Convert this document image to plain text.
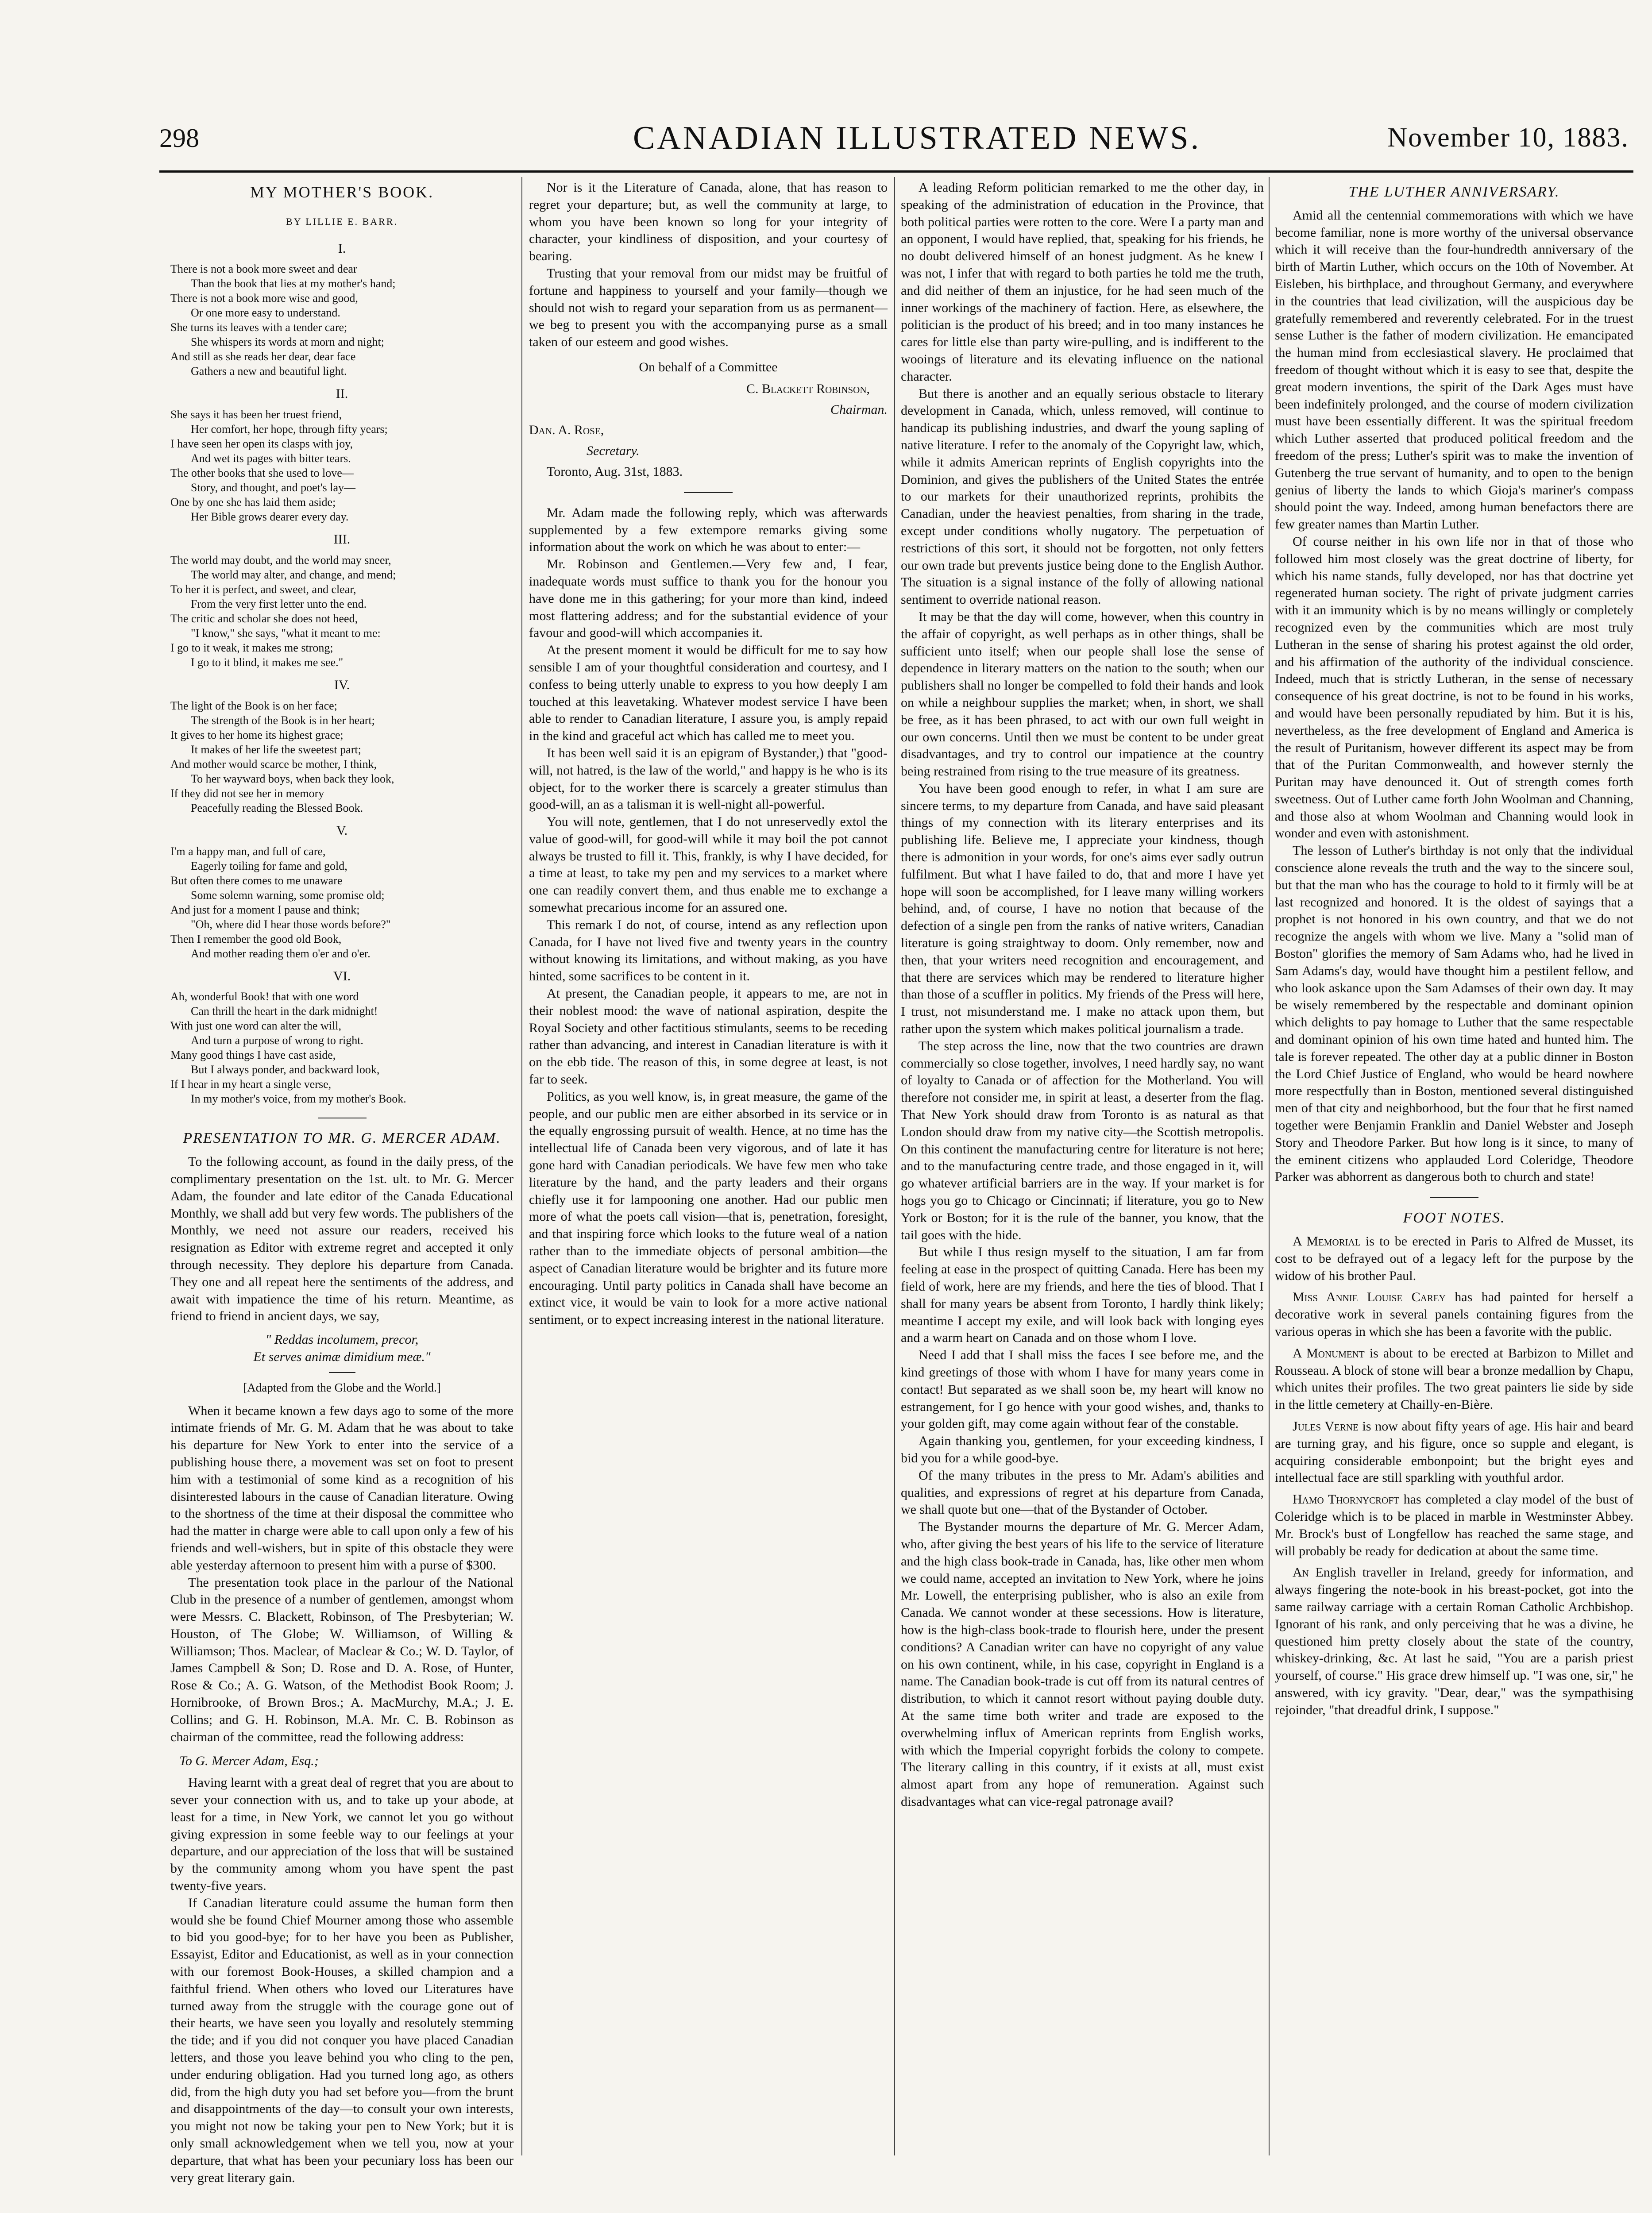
298	CANADIAN ILLUSTRATED NEWS.	November 10, 1883.
MY MOTHER'S BOOK.
BY LILLIE E. BARR.
I.

There is not a book more sweet and dear

Than the book that lies at my mother's hand;

There is not a book more wise and good,

Or one more easy to understand.

She turns its leaves with a tender care;

She whispers its words at morn and night;

And still as she reads her dear, dear face

Gathers a new and beautiful light.

II.

She says it has been her truest friend,

Her comfort, her hope, through fifty years;

I have seen her open its clasps with joy,

And wet its pages with bitter tears.

The other books that she used to love—

Story, and thought, and poet's lay—

One by one she has laid them aside;

Her Bible grows dearer every day.

III.

The world may doubt, and the world may sneer,

The world may alter, and change, and mend;

To her it is perfect, and sweet, and clear,

From the very first letter unto the end.

The critic and scholar she does not heed,

"I know," she says, "what it meant to me:

I go to it weak, it makes me strong;

I go to it blind, it makes me see."

IV.

The light of the Book is on her face;

The strength of the Book is in her heart;

It gives to her home its highest grace;

It makes of her life the sweetest part;

And mother would scarce be mother, I think,

To her wayward boys, when back they look,

If they did not see her in memory

Peacefully reading the Blessed Book.

V.

I'm a happy man, and full of care,

Eagerly toiling for fame and gold,

But often there comes to me unaware

Some solemn warning, some promise old;

And just for a moment I pause and think;

"Oh, where did I hear those words before?"

Then I remember the good old Book,

And mother reading them o'er and o'er.

VI.

Ah, wonderful Book! that with one word

Can thrill the heart in the dark midnight!

With just one word can alter the will,

And turn a purpose of wrong to right.

Many good things I have cast aside,

But I always ponder, and backward look,

If I hear in my heart a single verse,

In my mother's voice, from my mother's Book.

PRESENTATION TO MR. G. MERCER ADAM.

To the following account, as found in the daily press, of the complimentary presentation on the 1st. ult. to Mr. G. Mercer Adam, the founder and late editor of the Canada Educational Monthly, we shall add but very few words. The publishers of the Monthly, we need not assure our readers, received his resignation as Editor with extreme regret and accepted it only through necessity. They deplore his departure from Canada. They one and all repeat here the sentiments of the address, and await with impatience the time of his return. Meantime, as friend to friend in ancient days, we say,

" Reddas incolumem, precor,

Et serves animæ dimidium meæ."

[Adapted from the Globe and the World.]

When it became known a few days ago to some of the more intimate friends of Mr. G. M. Adam that he was about to take his departure for New York to enter into the service of a publishing house there, a movement was set on foot to present him with a testimonial of some kind as a recognition of his disinterested labours in the cause of Canadian literature. Owing to the shortness of the time at their disposal the committee who had the matter in charge were able to call upon only a few of his friends and well-wishers, but in spite of this obstacle they were able yesterday afternoon to present him with a purse of $300.

The presentation took place in the parlour of the National Club in the presence of a number of gentlemen, amongst whom were Messrs. C. Blackett, Robinson, of The Presbyterian; W. Houston, of The Globe; W. Williamson, of Willing & Williamson; Thos. Maclear, of Maclear & Co.; W. D. Taylor, of James Campbell & Son; D. Rose and D. A. Rose, of Hunter, Rose & Co.; A. G. Watson, of the Methodist Book Room; J. Hornibrooke, of Brown Bros.; A. MacMurchy, M.A.; J. E. Collins; and G. H. Robinson, M.A. Mr. C. B. Robinson as chairman of the committee, read the following address:

To G. Mercer Adam, Esq.;

Having learnt with a great deal of regret that you are about to sever your connection with us, and to take up your abode, at least for a time, in New York, we cannot let you go without giving expression in some feeble way to our feelings at your departure, and our appreciation of the loss that will be sustained by the community among whom you have spent the past twenty-five years.

If Canadian literature could assume the human form then would she be found Chief Mourner among those who assemble to bid you good-bye; for to her have you been as Publisher, Essayist, Editor and Educationist, as well as in your connection with our foremost Book-Houses, a skilled champion and a faithful friend. When others who loved our Literatures have turned away from the struggle with the courage gone out of their hearts, we have seen you loyally and resolutely stemming the tide; and if you did not conquer you have placed Canadian letters, and those you leave behind you who cling to the pen, under enduring obligation. Had you turned long ago, as others did, from the high duty you had set before you—from the brunt and disappointments of the day—to consult your own interests, you might not now be taking your pen to New York; but it is only small acknowledgement when we tell you, now at your departure, that what has been your pecuniary loss has been our very great literary gain.

Nor is it the Literature of Canada, alone, that has reason to regret your departure; but, as well the community at large, to whom you have been known so long for your integrity of character, your kindliness of disposition, and your courtesy of bearing.

Trusting that your removal from our midst may be fruitful of fortune and happiness to yourself and your family—though we should not wish to regard your separation from us as permanent—we beg to present you with the accompanying purse as a small taken of our esteem and good wishes.

On behalf of a Committee

C. Blackett Robinson,

Chairman.

Dan. A. Rose,

Secretary.

Toronto, Aug. 31st, 1883.

Mr. Adam made the following reply, which was afterwards supplemented by a few extempore remarks giving some information about the work on which he was about to enter:—

Mr. Robinson and Gentlemen.—Very few and, I fear, inadequate words must suffice to thank you for the honour you have done me in this gathering; for your more than kind, indeed most flattering address; and for the substantial evidence of your favour and good-will which accompanies it.

At the present moment it would be difficult for me to say how sensible I am of your thoughtful consideration and courtesy, and I confess to being utterly unable to express to you how deeply I am touched at this leavetaking. Whatever modest service I have been able to render to Canadian literature, I assure you, is amply repaid in the kind and graceful act which has called me to meet you.

It has been well said it is an epigram of Bystander,) that "good-will, not hatred, is the law of the world," and happy is he who is its object, for to the worker there is scarcely a greater stimulus than good-will, an as a talisman it is well-night all-powerful.

You will note, gentlemen, that I do not unreservedly extol the value of good-will, for good-will while it may boil the pot cannot always be trusted to fill it. This, frankly, is why I have decided, for a time at least, to take my pen and my services to a market where one can readily convert them, and thus enable me to exchange a somewhat precarious income for an assured one.

This remark I do not, of course, intend as any reflection upon Canada, for I have not lived five and twenty years in the country without knowing its limitations, and without making, as you have hinted, some sacrifices to be content in it.

At present, the Canadian people, it appears to me, are not in their noblest mood: the wave of national aspiration, despite the Royal Society and other factitious stimulants, seems to be receding rather than advancing, and interest in Canadian literature is with it on the ebb tide. The reason of this, in some degree at least, is not far to seek.

Politics, as you well know, is, in great measure, the game of the people, and our public men are either absorbed in its service or in the equally engrossing pursuit of wealth. Hence, at no time has the intellectual life of Canada been very vigorous, and of late it has gone hard with Canadian periodicals. We have few men who take literature by the hand, and the party leaders and their organs chiefly use it for lampooning one another. Had our public men more of what the poets call vision—that is, penetration, foresight, and that inspiring force which looks to the future weal of a nation rather than to the immediate objects of personal ambition—the aspect of Canadian literature would be brighter and its future more encouraging. Until party politics in Canada shall have become an extinct vice, it would be vain to look for a more active national sentiment, or to expect increasing interest in the national literature.

A leading Reform politician remarked to me the other day, in speaking of the administration of education in the Province, that both political parties were rotten to the core. Were I a party man and an opponent, I would have replied, that, speaking for his friends, he no doubt delivered himself of an honest judgment. As he knew I was not, I infer that with regard to both parties he told me the truth, and did neither of them an injustice, for he had seen much of the inner workings of the machinery of faction. Here, as elsewhere, the politician is the product of his breed; and in too many instances he cares for little else than party wire-pulling, and is indifferent to the wooings of literature and its elevating influence on the national character.

But there is another and an equally serious obstacle to literary development in Canada, which, unless removed, will continue to handicap its publishing industries, and dwarf the young sapling of native literature. I refer to the anomaly of the Copyright law, which, while it admits American reprints of English copyrights into the Dominion, and gives the publishers of the United States the entrée to our markets for their unauthorized reprints, prohibits the Canadian, under the heaviest penalties, from sharing in the trade, except under conditions wholly nugatory. The perpetuation of restrictions of this sort, it should not be forgotten, not only fetters our own trade but prevents justice being done to the English Author. The situation is a signal instance of the folly of allowing national sentiment to override national reason.

It may be that the day will come, however, when this country in the affair of copyright, as well perhaps as in other things, shall be sufficient unto itself; when our people shall lose the sense of dependence in literary matters on the nation to the south; when our publishers shall no longer be compelled to fold their hands and look on while a neighbour supplies the market; when, in short, we shall be free, as it has been phrased, to act with our own full weight in our own concerns. Until then we must be content to be under great disadvantages, and try to control our impatience at the country being restrained from rising to the true measure of its greatness.

You have been good enough to refer, in what I am sure are sincere terms, to my departure from Canada, and have said pleasant things of my connection with its literary enterprises and its publishing life. Believe me, I appreciate your kindness, though there is admonition in your words, for one's aims ever sadly outrun fulfilment. But what I have failed to do, that and more I have yet hope will soon be accomplished, for I leave many willing workers behind, and, of course, I have no notion that because of the defection of a single pen from the ranks of native writers, Canadian literature is going straightway to doom. Only remember, now and then, that your writers need recognition and encouragement, and that there are services which may be rendered to literature higher than those of a scuffler in politics. My friends of the Press will here, I trust, not misunderstand me. I make no attack upon them, but rather upon the system which makes political journalism a trade.

The step across the line, now that the two countries are drawn commercially so close together, involves, I need hardly say, no want of loyalty to Canada or of affection for the Motherland. You will therefore not consider me, in spirit at least, a deserter from the flag. That New York should draw from Toronto is as natural as that London should draw from my native city—the Scottish metropolis. On this continent the manufacturing centre for literature is not here; and to the manufacturing centre trade, and those engaged in it, will go whatever artificial barriers are in the way. If your market is for hogs you go to Chicago or Cincinnati; if literature, you go to New York or Boston; for it is the rule of the banner, you know, that the tail goes with the hide.

But while I thus resign myself to the situation, I am far from feeling at ease in the prospect of quitting Canada. Here has been my field of work, here are my friends, and here the ties of blood. That I shall for many years be absent from Toronto, I hardly think likely; meantime I accept my exile, and will look back with longing eyes and a warm heart on Canada and on those whom I love.

Need I add that I shall miss the faces I see before me, and the kind greetings of those with whom I have for many years come in contact! But separated as we shall soon be, my heart will know no estrangement, for I go hence with your good wishes, and, thanks to your golden gift, may come again without fear of the constable.

Again thanking you, gentlemen, for your exceeding kindness, I bid you for a while good-bye.

Of the many tributes in the press to Mr. Adam's abilities and qualities, and expressions of regret at his departure from Canada, we shall quote but one—that of the Bystander of October.

The Bystander mourns the departure of Mr. G. Mercer Adam, who, after giving the best years of his life to the service of literature and the high class book-trade in Canada, has, like other men whom we could name, accepted an invitation to New York, where he joins Mr. Lowell, the enterprising publisher, who is also an exile from Canada. We cannot wonder at these secessions. How is literature, how is the high-class book-trade to flourish here, under the present conditions? A Canadian writer can have no copyright of any value on his own continent, while, in his case, copyright in England is a name. The Canadian book-trade is cut off from its natural centres of distribution, to which it cannot resort without paying double duty. At the same time both writer and trade are exposed to the overwhelming influx of American reprints from English works, with which the Imperial copyright forbids the colony to compete. The literary calling in this country, if it exists at all, must exist almost apart from any hope of remuneration. Against such disadvantages what can vice-regal patronage avail?

THE LUTHER ANNIVERSARY.

Amid all the centennial commemorations with which we have become familiar, none is more worthy of the universal observance which it will receive than the four-hundredth anniversary of the birth of Martin Luther, which occurs on the 10th of November. At Eisleben, his birthplace, and throughout Germany, and everywhere in the countries that lead civilization, will the auspicious day be gratefully remembered and reverently celebrated. For in the truest sense Luther is the father of modern civilization. He emancipated the human mind from ecclesiastical slavery. He proclaimed that freedom of thought without which it is easy to see that, despite the great modern inventions, the spirit of the Dark Ages must have been indefinitely prolonged, and the course of modern civilization must have been essentially different. It was the spiritual freedom which Luther asserted that produced political freedom and the freedom of the press; Luther's spirit was to make the invention of Gutenberg the true servant of humanity, and to open to the benign genius of liberty the lands to which Gioja's mariner's compass should point the way. Indeed, among human benefactors there are few greater names than Martin Luther.

Of course neither in his own life nor in that of those who followed him most closely was the great doctrine of liberty, for which his name stands, fully developed, nor has that doctrine yet regenerated human society. The right of private judgment carries with it an immunity which is by no means willingly or completely recognized even by the communities which are most truly Lutheran in the sense of sharing his protest against the old order, and his affirmation of the authority of the individual conscience. Indeed, much that is strictly Lutheran, in the sense of necessary consequence of his great doctrine, is not to be found in his works, and would have been personally repudiated by him. But it is his, nevertheless, as the free development of England and America is the result of Puritanism, however different its aspect may be from that of the Puritan Commonwealth, and however sternly the Puritan may have denounced it. Out of strength comes forth sweetness. Out of Luther came forth John Woolman and Channing, and those also at whom Woolman and Channing would look in wonder and even with astonishment.

The lesson of Luther's birthday is not only that the individual conscience alone reveals the truth and the way to the sincere soul, but that the man who has the courage to hold to it firmly will be at last recognized and honored. It is the oldest of sayings that a prophet is not honored in his own country, and that we do not recognize the angels with whom we live. Many a "solid man of Boston" glorifies the memory of Sam Adams who, had he lived in Sam Adams's day, would have thought him a pestilent fellow, and who look askance upon the Sam Adamses of their own day. It may be wisely remembered by the respectable and dominant opinion which delights to pay homage to Luther that the same respectable and dominant opinion of his own time hated and hunted him. The tale is forever repeated. The other day at a public dinner in Boston the Lord Chief Justice of England, who would be heard nowhere more respectfully than in Boston, mentioned several distinguished men of that city and neighborhood, but the four that he first named together were Benjamin Franklin and Daniel Webster and Joseph Story and Theodore Parker. But how long is it since, to many of the eminent citizens who applauded Lord Coleridge, Theodore Parker was abhorrent as dangerous both to church and state!

FOOT NOTES.

A Memorial is to be erected in Paris to Alfred de Musset, its cost to be defrayed out of a legacy left for the purpose by the widow of his brother Paul.

Miss Annie Louise Carey has had painted for herself a decorative work in several panels containing figures from the various operas in which she has been a favorite with the public.

A Monument is about to be erected at Barbizon to Millet and Rousseau. A block of stone will bear a bronze medallion by Chapu, which unites their profiles. The two great painters lie side by side in the little cemetery at Chailly-en-Bière.

Jules Verne is now about fifty years of age. His hair and beard are turning gray, and his figure, once so supple and elegant, is acquiring considerable embonpoint; but the bright eyes and intellectual face are still sparkling with youthful ardor.

Hamo Thornycroft has completed a clay model of the bust of Coleridge which is to be placed in marble in Westminster Abbey. Mr. Brock's bust of Longfellow has reached the same stage, and will probably be ready for dedication at about the same time.

An English traveller in Ireland, greedy for information, and always fingering the note-book in his breast-pocket, got into the same railway carriage with a certain Roman Catholic Archbishop. Ignorant of his rank, and only perceiving that he was a divine, he questioned him pretty closely about the state of the country, whiskey-drinking, &c. At last he said, "You are a parish priest yourself, of course." His grace drew himself up. "I was one, sir," he answered, with icy gravity. "Dear, dear," was the sympathising rejoinder, "that dreadful drink, I suppose."
